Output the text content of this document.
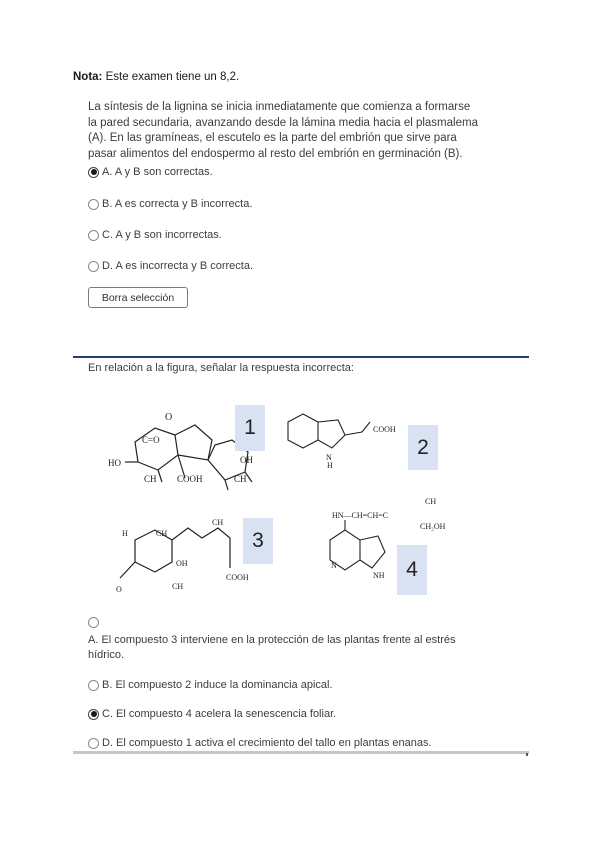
Nota: Este examen tiene un 8,2.

La síntesis de la lignina se inicia inmediatamente que comienza a formarse

la pared secundaria, avanzando desde la lámina media hacia el plasmalema

(A). En las gramíneas, el escutelo es la parte del embrión que sirve para

pasar alimentos del endospermo al resto del embrión en germinación (B).

A. A y B son correctas.
B. A es correcta y B incorrecta.
C. A y B son incorrectas.
D. A es incorrecta y B correcta.
Borra selección
En relación a la figura, señalar la respuesta incorrecta:
O
C=O
HO	OH
CH COOH	CH
COOH
N
H
H	CH
CH
OH
O	CH
COOH
HN—CH=CH=C
CH
CH₂OH
N
NH
1
2
3
4

A. El compuesto 3 interviene en la protección de las plantas frente al estrés
hídrico.
B. El compuesto 2 induce la dominancia apical.
C. El compuesto 4 acelera la senescencia foliar.
D. El compuesto 1 activa el crecimiento del tallo en plantas enanas.
